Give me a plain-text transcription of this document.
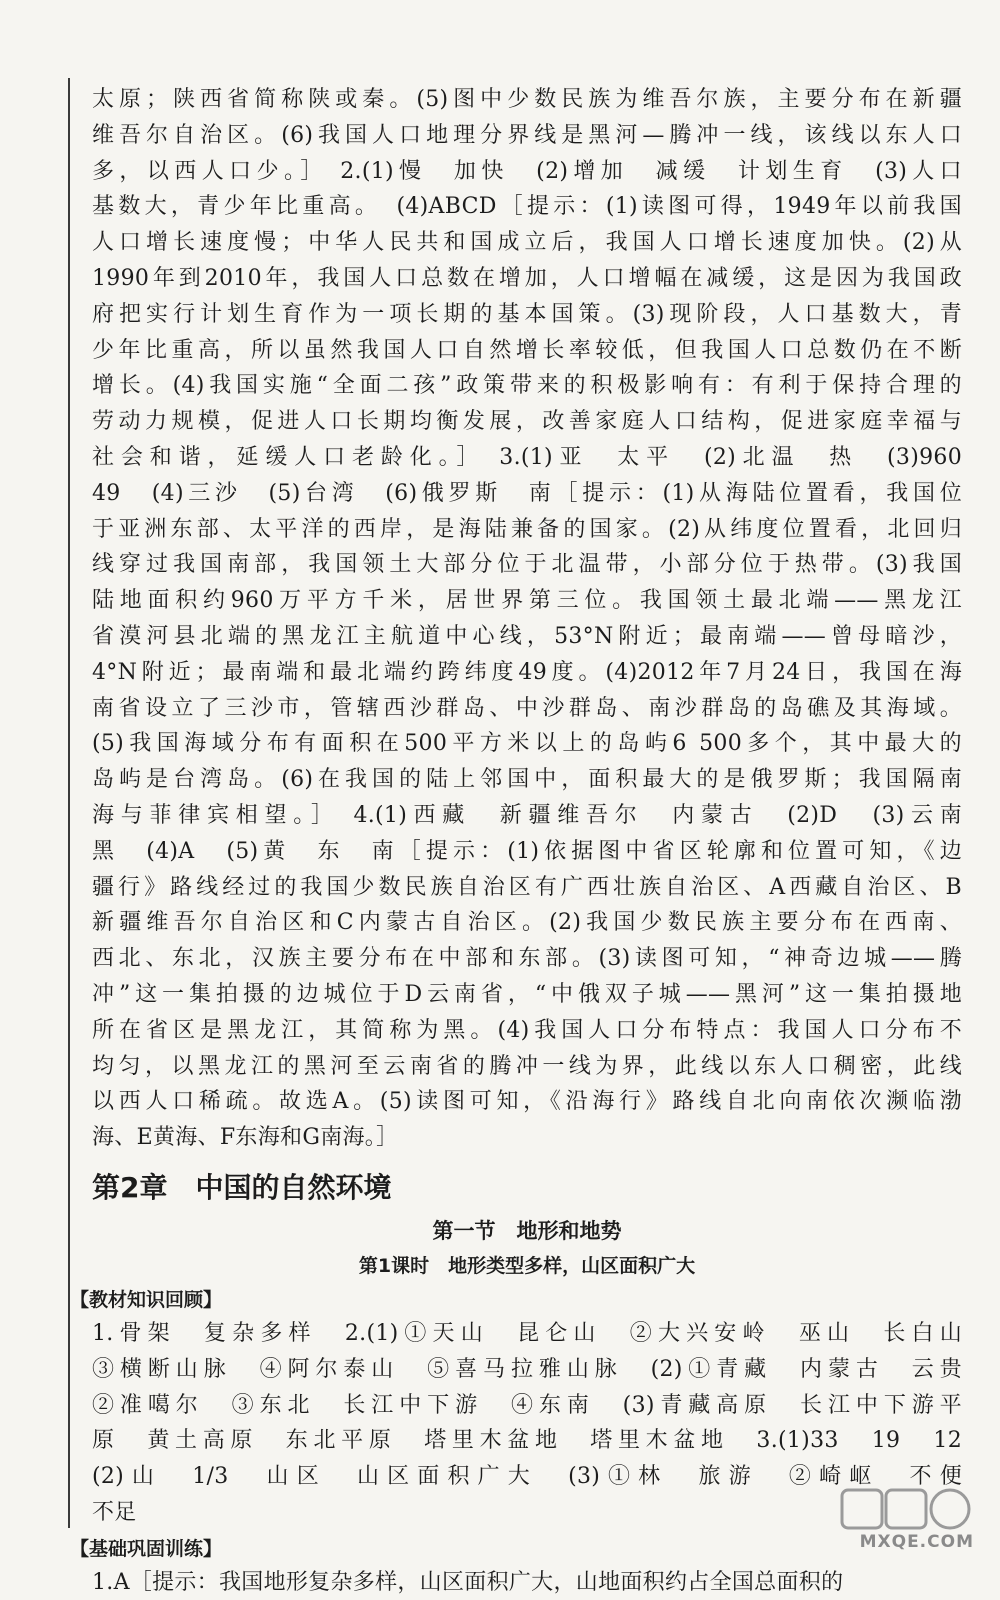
太原；陕西省简称陕或秦。(5)图中少数民族为维吾尔族，主要分布在新疆

维吾尔自治区。(6)我国人口地理分界线是黑河—腾冲一线，该线以东人口

多，以西人口少。］ 2.(1)慢　加快　(2)增加　减缓　计划生育　(3)人口

基数大，青少年比重高。　(4)ABCD［提示：(1)读图可得，1949年以前我国

人口增长速度慢；中华人民共和国成立后，我国人口增长速度加快。(2)从

1990年到2010年，我国人口总数在增加，人口增幅在减缓，这是因为我国政

府把实行计划生育作为一项长期的基本国策。(3)现阶段，人口基数大，青

少年比重高，所以虽然我国人口自然增长率较低，但我国人口总数仍在不断

增长。(4)我国实施“全面二孩”政策带来的积极影响有：有利于保持合理的

劳动力规模，促进人口长期均衡发展，改善家庭人口结构，促进家庭幸福与

社会和谐，延缓人口老龄化。］ 3.(1)亚　太平　(2)北温　热　(3)960

49　(4)三沙　(5)台湾　(6)俄罗斯　南［提示：(1)从海陆位置看，我国位

于亚洲东部、太平洋的西岸，是海陆兼备的国家。(2)从纬度位置看，北回归

线穿过我国南部，我国领土大部分位于北温带，小部分位于热带。(3)我国

陆地面积约960万平方千米，居世界第三位。我国领土最北端——黑龙江

省漠河县北端的黑龙江主航道中心线，53°N附近；最南端——曾母暗沙，

4°N附近；最南端和最北端约跨纬度49度。(4)2012年7月24日，我国在海

南省设立了三沙市，管辖西沙群岛、中沙群岛、南沙群岛的岛礁及其海域。

(5)我国海域分布有面积在500平方米以上的岛屿6 500多个，其中最大的

岛屿是台湾岛。(6)在我国的陆上邻国中，面积最大的是俄罗斯；我国隔南

海与菲律宾相望。］ 4.(1)西藏　新疆维吾尔　内蒙古　(2)D　(3)云南

黑　(4)A　(5)黄　东　南［提示：(1)依据图中省区轮廓和位置可知，《边

疆行》路线经过的我国少数民族自治区有广西壮族自治区、A西藏自治区、B

新疆维吾尔自治区和C内蒙古自治区。(2)我国少数民族主要分布在西南、

西北、东北，汉族主要分布在中部和东部。(3)读图可知，“神奇边城——腾

冲”这一集拍摄的边城位于D云南省，“中俄双子城——黑河”这一集拍摄地

所在省区是黑龙江，其简称为黑。(4)我国人口分布特点：我国人口分布不

均匀，以黑龙江的黑河至云南省的腾冲一线为界，此线以东人口稠密，此线

以西人口稀疏。故选A。(5)读图可知，《沿海行》路线自北向南依次濒临渤

海、E黄海、F东海和G南海。］

第2章　中国的自然环境
第一节　地形和地势
第1课时　地形类型多样，山区面积广大
【教材知识回顾】

1.骨架　复杂多样　2.(1)①天山　昆仑山　②大兴安岭　巫山　长白山

③横断山脉　④阿尔泰山　⑤喜马拉雅山脉　(2)①青藏　内蒙古　云贵

②准噶尔　③东北　长江中下游　④东南　(3)青藏高原　长江中下游平

原　黄土高原　东北平原　塔里木盆地　塔里木盆地　3.(1)33　19　12

(2)山　1/3　山区　山区面积广大　(3)①林　旅游　②崎岖　不便

不足

【基础巩固训练】

1.A［提示：我国地形复杂多样，山区面积广大，山地面积约占全国总面积的

MXQE.COM
